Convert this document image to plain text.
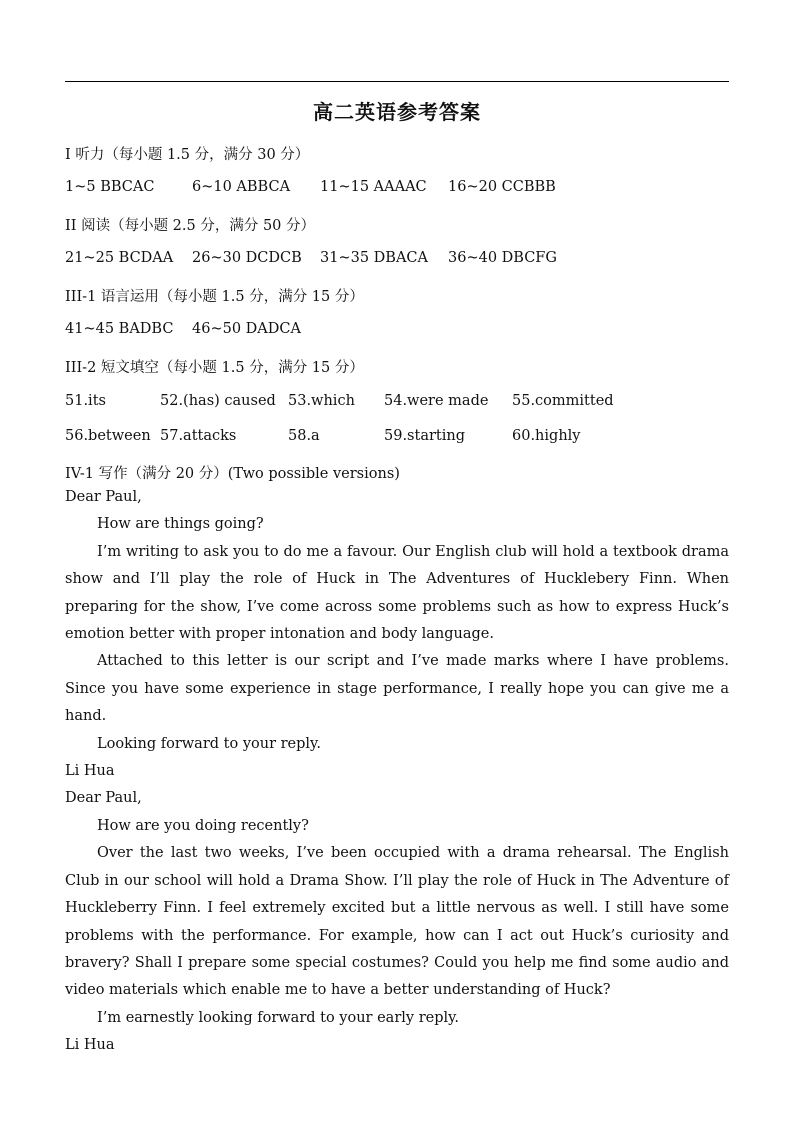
高二英语参考答案
I 听力（每小题 1.5 分，满分 30 分）
1~5 BBCAC	6~10 ABBCA 11~15 AAAAC 16~20 CCBBB
II 阅读（每小题 2.5 分，满分 50 分）
21~25 BCDAA 26~30 DCDCB 31~35 DBACA 36~40 DBCFG
III-1 语言运用（每小题 1.5 分，满分 15 分）
41~45 BADBC 46~50 DADCA
III-2 短文填空（每小题 1.5 分，满分 15 分）
51.its	52.(has) caused 53.which 54.were made 55.committed
56.between 57.attacks	58.a	59.starting	60.highly
IV-1 写作（满分 20 分）(Two possible versions)

Dear Paul,

How are things going?

I’m writing to ask you to do me a favour. Our English club will hold a textbook drama show and I’ll play the role of Huck in The Adventures of Hucklebery Finn. When preparing for the show, I’ve come across some problems such as how to express Huck’s emotion better with proper intonation and body language.

Attached to this letter is our script and I’ve made marks where I have problems. Since you have some experience in stage performance, I really hope you can give me a hand.

Looking forward to your reply.

Li Hua

Dear Paul,

How are you doing recently?

Over the last two weeks, I’ve been occupied with a drama rehearsal. The English Club in our school will hold a Drama Show. I’ll play the role of Huck in The Adventure of Huckleberry Finn. I feel extremely excited but a little nervous as well. I still have some problems with the performance. For example, how can I act out Huck’s curiosity and bravery? Shall I prepare some special costumes? Could you help me find some audio and video materials which enable me to have a better understanding of Huck?

I’m earnestly looking forward to your early reply.

Li Hua
